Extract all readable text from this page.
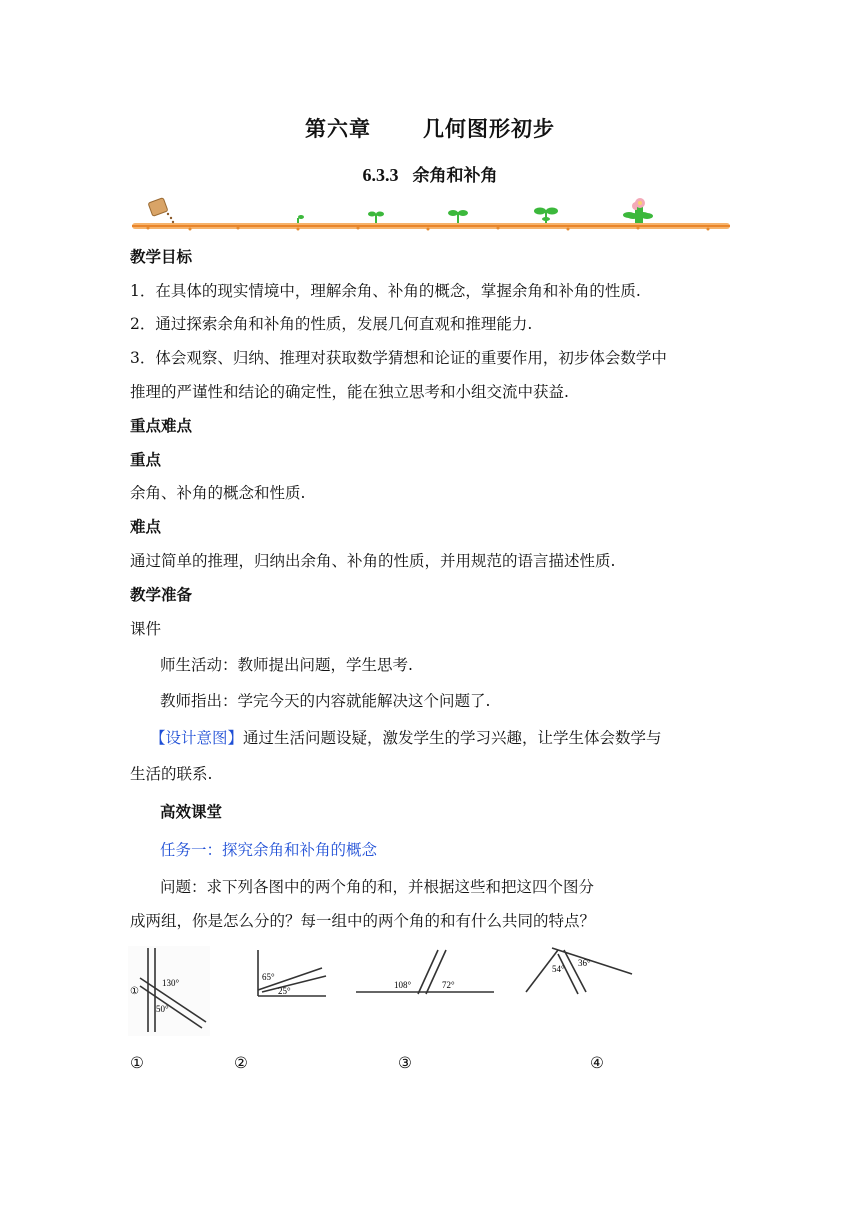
第六章 几何图形初步
6.3.3 余角和补角
教学目标
1．在具体的现实情境中，理解余角、补角的概念，掌握余角和补角的性质.
2．通过探索余角和补角的性质，发展几何直观和推理能力.
3．体会观察、归纳、推理对获取数学猜想和论证的重要作用，初步体会数学中
推理的严谨性和结论的确定性，能在独立思考和小组交流中获益.
重点难点
重点
余角、补角的概念和性质.
难点
通过简单的推理，归纳出余角、补角的性质，并用规范的语言描述性质.
教学准备
课件
师生活动：教师提出问题，学生思考.
教师指出：学完今天的内容就能解决这个问题了.
【设计意图】通过生活问题设疑，激发学生的学习兴趣，让学生体会数学与
生活的联系.
高效课堂
任务一：探究余角和补角的概念
问题：求下列各图中的两个角的和，并根据这些和把这四个图分
成两组，你是怎么分的？每一组中的两个角的和有什么共同的特点？
①
130°
50°
65°
25°
108°	72°
54°
36°
①	②	③	④
